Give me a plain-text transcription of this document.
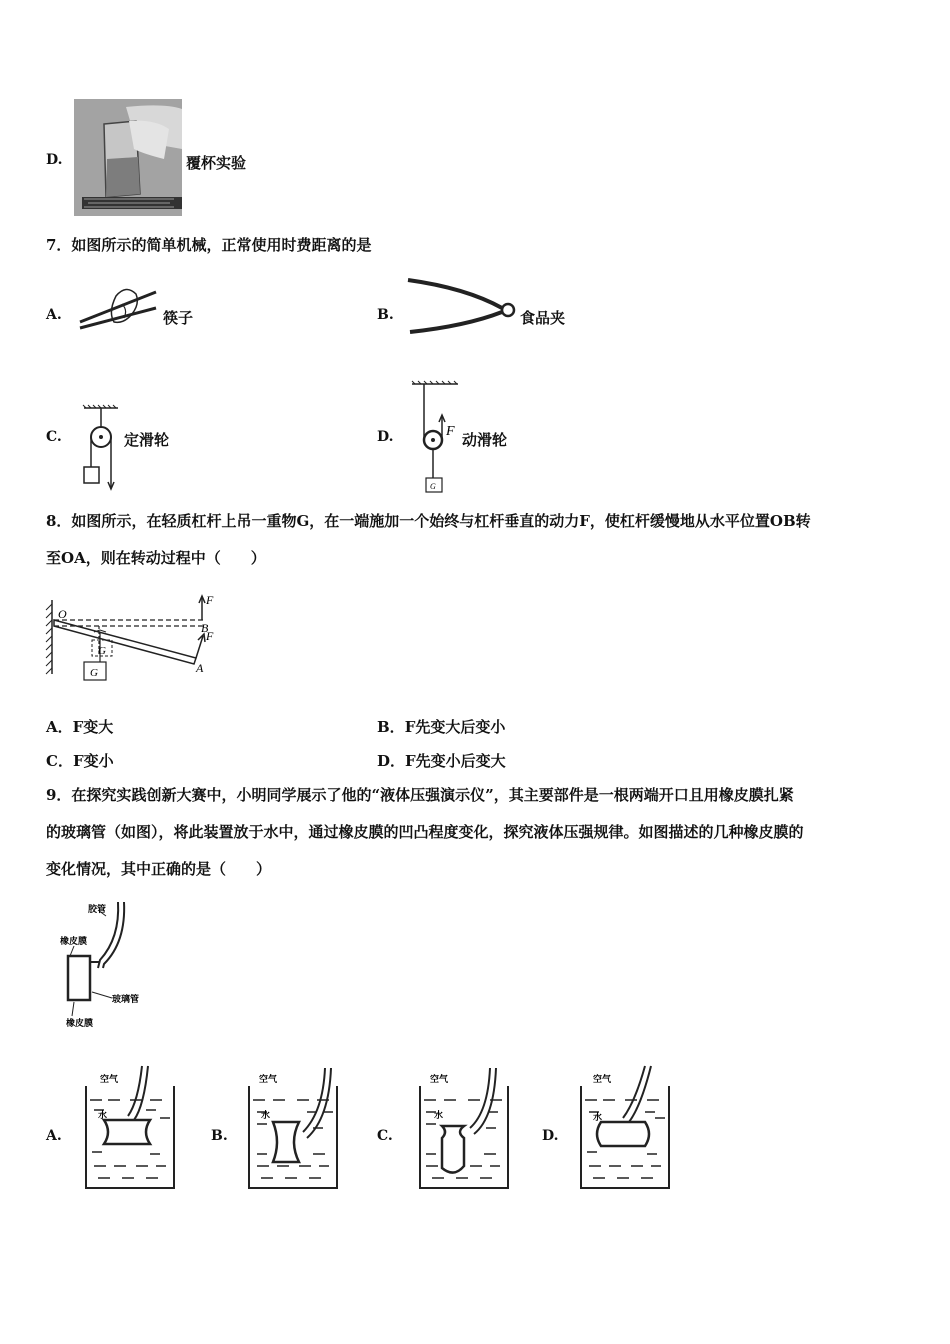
D.	覆杯实验
7．如图所示的简单机械，正常使用时费距离的是
A.	筷子	B.	食品夹
C.	定滑轮	D.	F
G
动滑轮
8．如图所示，在轻质杠杆上吊一重物G，在一端施加一个始终与杠杆垂直的动力F，使杠杆缓慢地从水平位置OB转
至OA，则在转动过程中（　　）
O
B
A
F
F
G
G
A．F变大	B．F先变大后变小
C．F变小	D．F先变小后变大
9．在探究实践创新大赛中，小明同学展示了他的“液体压强演示仪”，其主要部件是一根两端开口且用橡皮膜扎紧
的玻璃管（如图），将此装置放于水中，通过橡皮膜的凹凸程度变化，探究液体压强规律。如图描述的几种橡皮膜的
变化情况，其中正确的是（　　）
胶管
橡皮膜
玻璃管
橡皮膜
A.	B.	C.	D.
空气
水
空气
水
空气
水
空气
水
